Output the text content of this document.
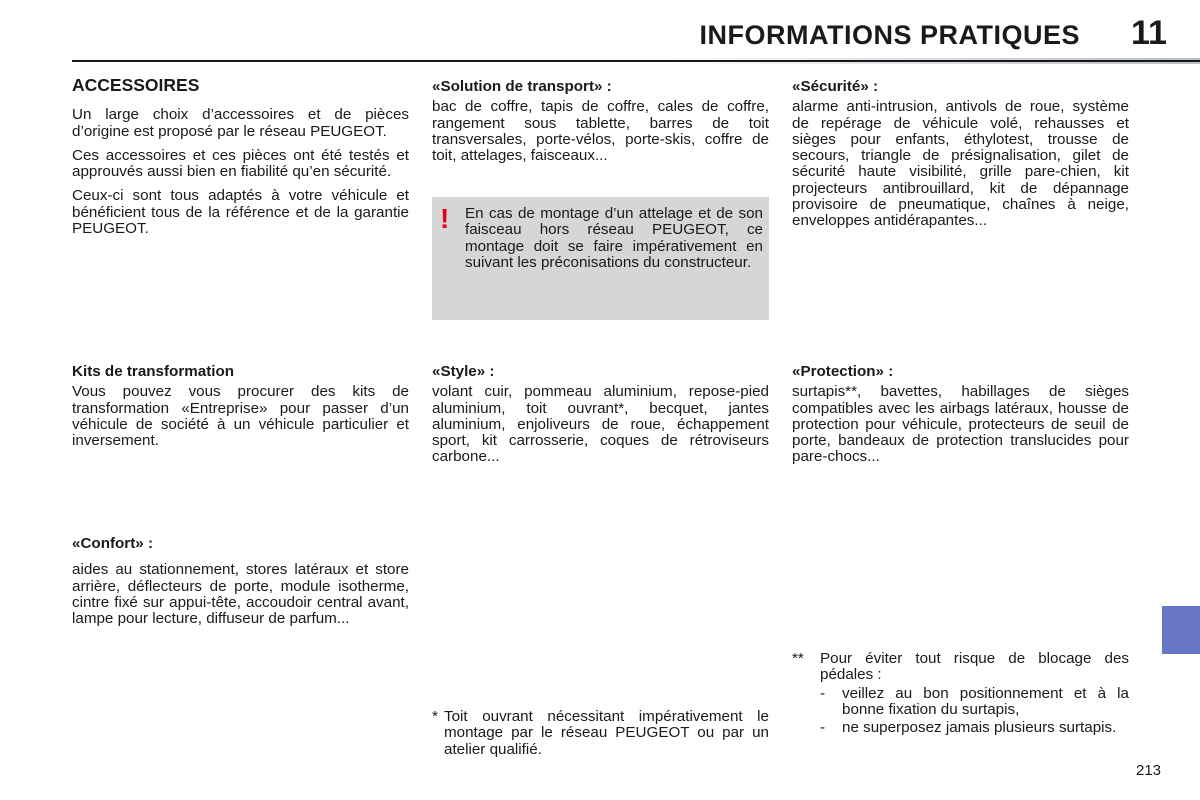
INFORMATIONS PRATIQUES 11
ACCESSOIRES

Un large choix d’accessoires et de pièces d’origine est proposé par le réseau PEUGEOT.

Ces accessoires et ces pièces ont été testés et approuvés aussi bien en fiabilité qu’en sécurité.

Ceux-ci sont tous adaptés à votre véhicule et bénéficient tous de la référence et de la garantie PEUGEOT.

Kits de transformation

Vous pouvez vous procurer des kits de transformation «Entreprise» pour passer d’un véhicule de société à un véhicule particulier et inversement.

«Confort» :

aides au stationnement, stores latéraux et store arrière, déflecteurs de porte, module isotherme, cintre fixé sur appui-tête, accoudoir central avant, lampe pour lecture, diffuseur de parfum...

«Solution de transport» :

bac de coffre, tapis de coffre, cales de coffre, rangement sous tablette, barres de toit transversales, porte-vélos, porte-skis, coffre de toit, attelages, faisceaux...

! En cas de montage d’un attelage et de son faisceau hors réseau PEUGEOT, ce montage doit se faire impérativement en suivant les préconisations du constructeur.
«Style» :

volant cuir, pommeau aluminium, repose-pied aluminium, toit ouvrant*, becquet, jantes aluminium, enjoliveurs de roue, échappement sport, kit carrosserie, coques de rétroviseurs carbone...

* Toit ouvrant nécessitant impérativement le montage par le réseau PEUGEOT ou par un atelier qualifié.
«Sécurité» :

alarme anti-intrusion, antivols de roue, système de repérage de véhicule volé, rehausses et sièges pour enfants, éthylotest, trousse de secours, triangle de présignalisation, gilet de sécurité haute visibilité, grille pare-chien, kit projecteurs antibrouillard, kit de dépannage provisoire de pneumatique, chaînes à neige, enveloppes antidérapantes...

«Protection» :

surtapis**, bavettes, habillages de sièges compatibles avec les airbags latéraux, housse de protection pour véhicule, protecteurs de seuil de porte, bandeaux de protection translucides pour pare-chocs...

**	Pour éviter tout risque de blocage des pédales :
-	veillez au bon positionnement et à la bonne fixation du surtapis,
-	ne superposez jamais plusieurs surtapis.
213
